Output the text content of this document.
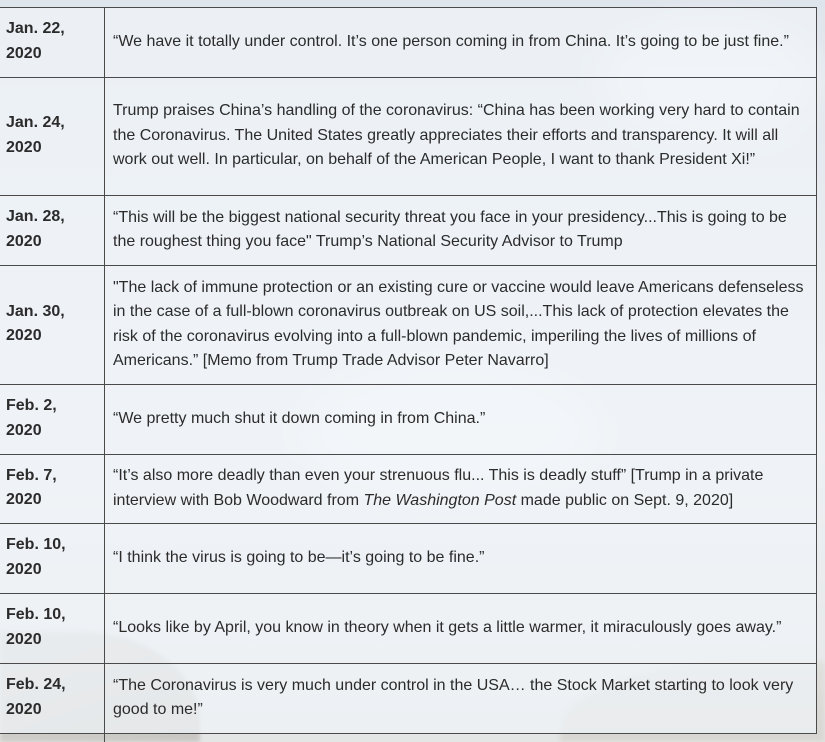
Jan. 22,
2020	“We have it totally under control. It’s one person coming in from China. It’s going to be just fine.”
Jan. 24,
2020	Trump praises China’s handling of the coronavirus: “China has been working very hard to contain the Coronavirus. The United States greatly appreciates their efforts and transparency. It will all work out well. In particular, on behalf of the American People, I want to thank President Xi!”
Jan. 28,
2020	“This will be the biggest national security threat you face in your presidency...This is going to be the roughest thing you face" Trump’s National Security Advisor to Trump
Jan. 30,
2020	"The lack of immune protection or an existing cure or vaccine would leave Americans defenseless in the case of a full-blown coronavirus outbreak on US soil,...This lack of protection elevates the risk of the coronavirus evolving into a full-blown pandemic, imperiling the lives of millions of Americans.” [Memo from Trump Trade Advisor Peter Navarro]
Feb. 2,
2020	“We pretty much shut it down coming in from China.”
Feb. 7,
2020	“It’s also more deadly than even your strenuous flu... This is deadly stuff” [Trump in a private interview with Bob Woodward from The Washington Post made public on Sept. 9, 2020]
Feb. 10,
2020	“I think the virus is going to be—it’s going to be fine.”
Feb. 10,
2020	“Looks like by April, you know in theory when it gets a little warmer, it miraculously goes away.”
Feb. 24,
2020	“The Coronavirus is very much under control in the USA… the Stock Market starting to look very good to me!”
